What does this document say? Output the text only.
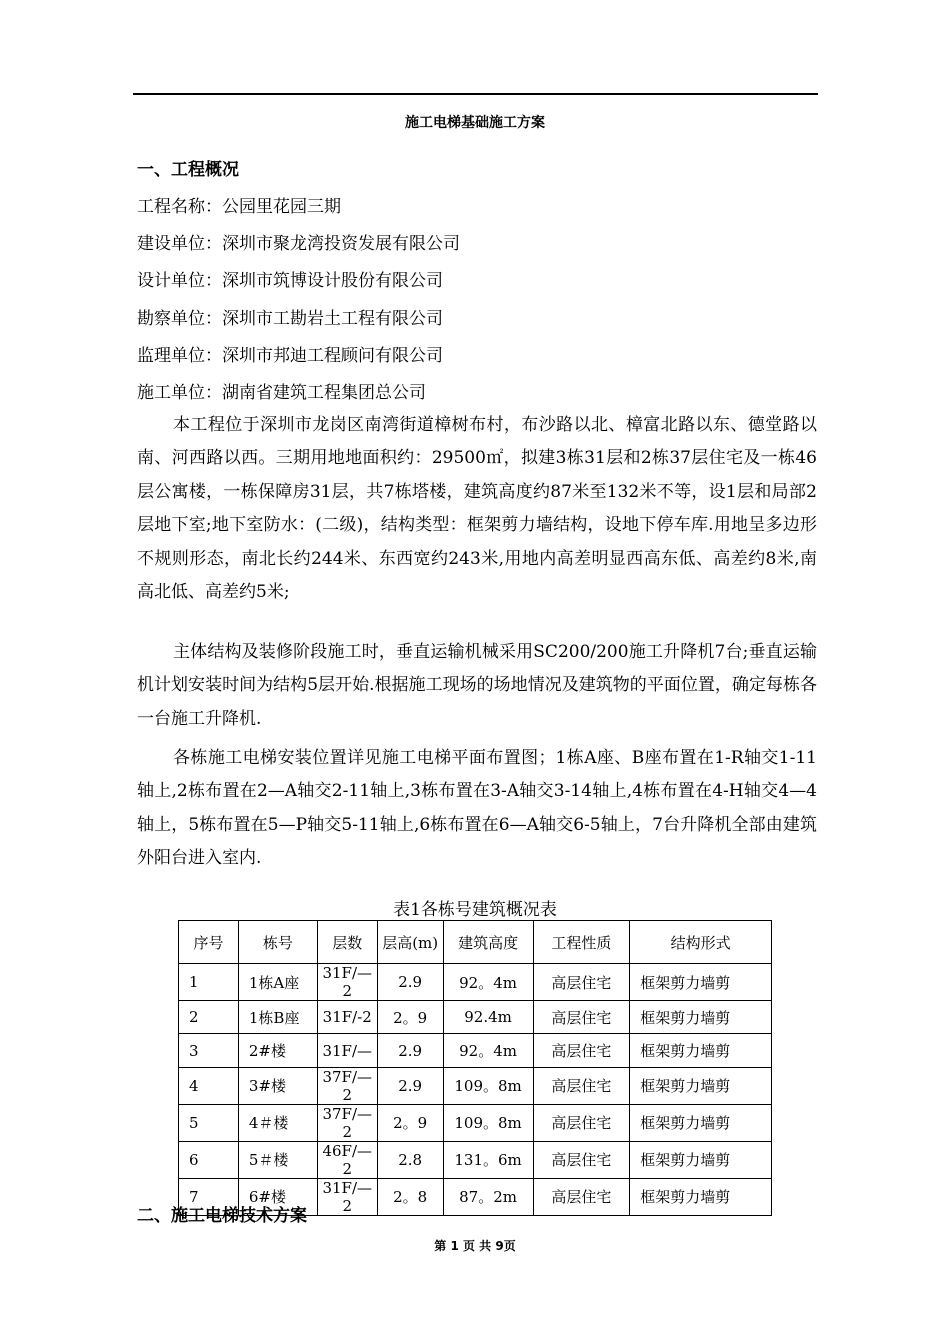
施工电梯基础施工方案
一、工程概况
工程名称：公园里花园三期
建设单位：深圳市聚龙湾投资发展有限公司
设计单位：深圳市筑博设计股份有限公司
勘察单位：深圳市工勘岩土工程有限公司
监理单位：深圳市邦迪工程顾问有限公司
施工单位：湖南省建筑工程集团总公司
本工程位于深圳市龙岗区南湾街道樟树布村，布沙路以北、樟富北路以东、德堂路以南、河西路以西。三期用地地面积约：29500㎡，拟建3栋31层和2栋37层住宅及一栋46层公寓楼，一栋保障房31层，共7栋塔楼，建筑高度约87米至132米不等，设1层和局部2层地下室;地下室防水：(二级)，结构类型：框架剪力墙结构，设地下停车库.用地呈多边形不规则形态，南北长约244米、东西宽约243米,用地内高差明显西高东低、高差约8米,南高北低、高差约5米;
主体结构及装修阶段施工时，垂直运输机械采用SC200/200施工升降机7台;垂直运输机计划安装时间为结构5层开始.根据施工现场的场地情况及建筑物的平面位置，确定每栋各一台施工升降机.
各栋施工电梯安装位置详见施工电梯平面布置图；1栋A座、B座布置在1-R轴交1-11轴上,2栋布置在2—A轴交2-11轴上,3栋布置在3-A轴交3-14轴上,4栋布置在4-H轴交4—4轴上，5栋布置在5—P轴交5-11轴上,6栋布置在6—A轴交6-5轴上，7台升降机全部由建筑外阳台进入室内.
表1各栋号建筑概况表
序号	栋号	层数	层高(m)	建筑高度	工程性质	结构形式
1	1栋A座	31F/—2	2.9	92。4m	高层住宅	框架剪力墙剪
2	1栋B座	31F/-2	2。9	92.4m	高层住宅	框架剪力墙剪
3	2#楼	31F/—	2.9	92。4m	高层住宅	框架剪力墙剪
4	3#楼	37F/—2	2.9	109。8m	高层住宅	框架剪力墙剪
5	4＃楼	37F/—2	2。9	109。8m	高层住宅	框架剪力墙剪
6	5＃楼	46F/—2	2.8	131。6m	高层住宅	框架剪力墙剪
7	6#楼	31F/—2	2。8	87。2m	高层住宅	框架剪力墙剪
二、施工电梯技术方案
第 1 页 共 9页
